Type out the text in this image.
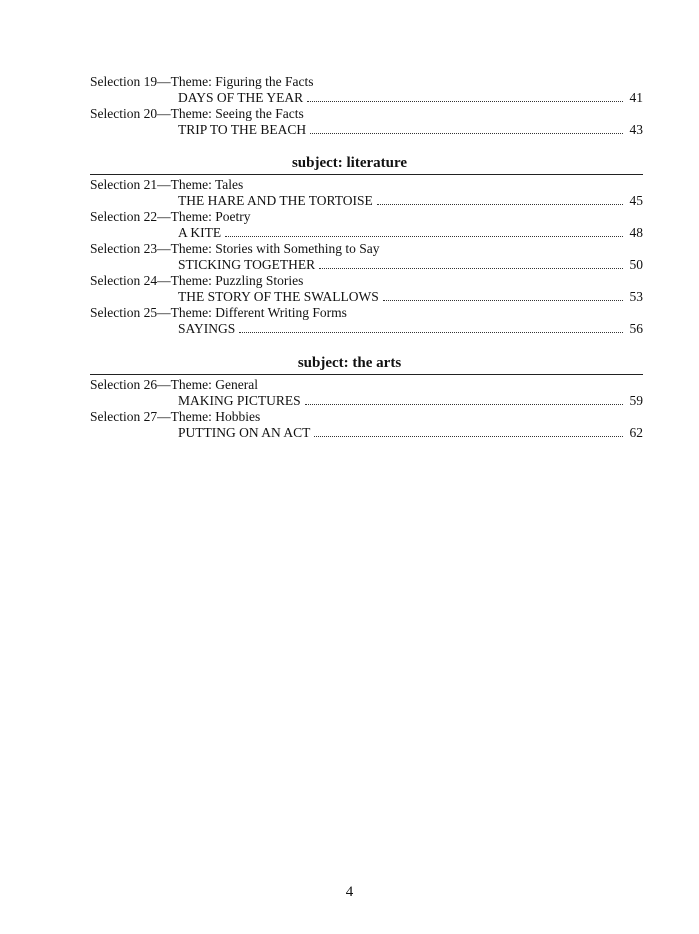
Selection 19—Theme: Figuring the Facts
DAYS OF THE YEAR	41
Selection 20—Theme: Seeing the Facts
TRIP TO THE BEACH	43
subject: literature
Selection 21—Theme: Tales
THE HARE AND THE TORTOISE	45
Selection 22—Theme: Poetry
A KITE	48
Selection 23—Theme: Stories with Something to Say
STICKING TOGETHER	50
Selection 24—Theme: Puzzling Stories
THE STORY OF THE SWALLOWS	53
Selection 25—Theme: Different Writing Forms
SAYINGS	56
subject: the arts
Selection 26—Theme: General
MAKING PICTURES	59
Selection 27—Theme: Hobbies
PUTTING ON AN ACT	62
4
